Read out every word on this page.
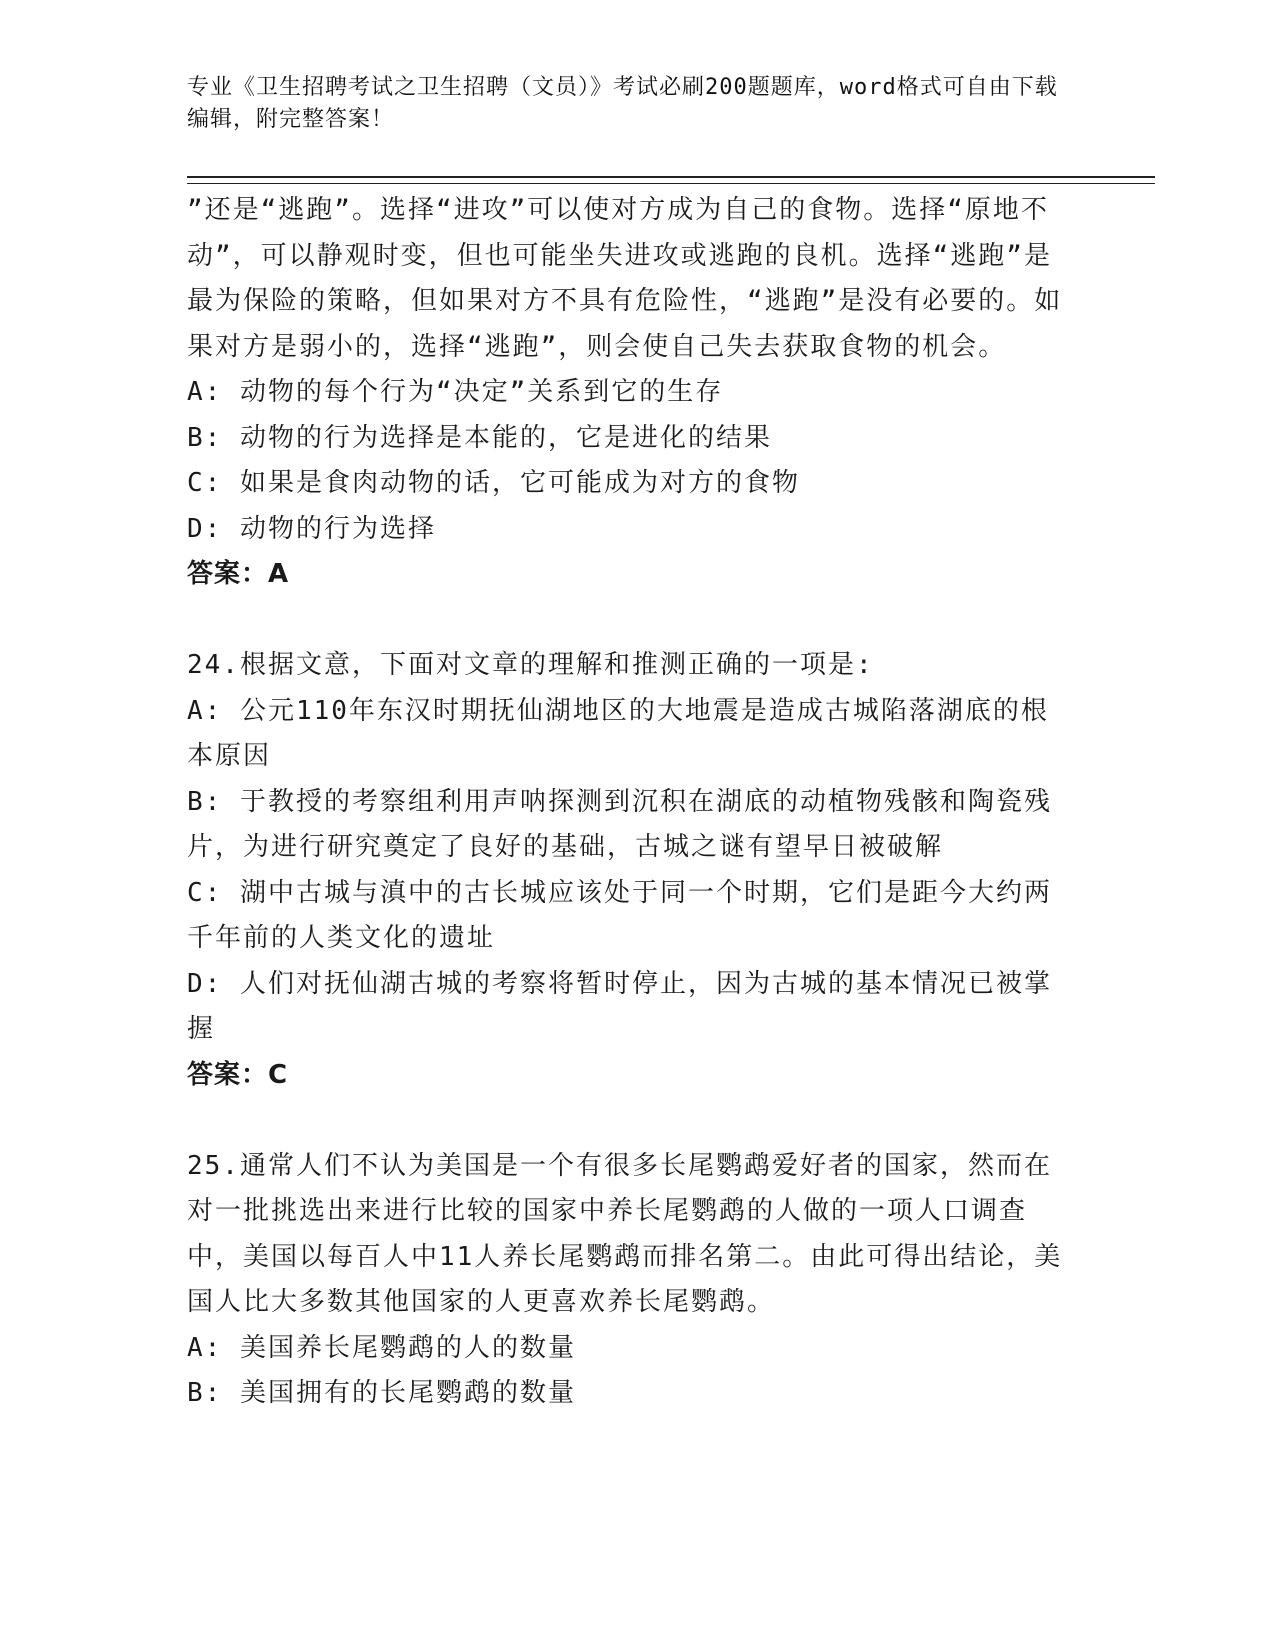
专业《卫生招聘考试之卫生招聘（文员）》考试必刷200题题库，word格式可自由下载编辑，附完整答案！

”还是“逃跑”。选择“进攻”可以使对方成为自己的食物。选择“原地不动”，可以静观时变，但也可能坐失进攻或逃跑的良机。选择“逃跑”是最为保险的策略，但如果对方不具有危险性，“逃跑”是没有必要的。如果对方是弱小的，选择“逃跑”，则会使自己失去获取食物的机会。

A: 动物的每个行为“决定”关系到它的生存

B: 动物的行为选择是本能的，它是进化的结果

C: 如果是食肉动物的话，它可能成为对方的食物

D: 动物的行为选择

答案：A

24.根据文意，下面对文章的理解和推测正确的一项是:

A: 公元110年东汉时期抚仙湖地区的大地震是造成古城陷落湖底的根本原因

B: 于教授的考察组利用声呐探测到沉积在湖底的动植物残骸和陶瓷残片，为进行研究奠定了良好的基础，古城之谜有望早日被破解

C: 湖中古城与滇中的古长城应该处于同一个时期，它们是距今大约两千年前的人类文化的遗址

D: 人们对抚仙湖古城的考察将暂时停止，因为古城的基本情况已被掌握

答案：C

25.通常人们不认为美国是一个有很多长尾鹦鹉爱好者的国家，然而在对一批挑选出来进行比较的国家中养长尾鹦鹉的人做的一项人口调查中，美国以每百人中11人养长尾鹦鹉而排名第二。由此可得出结论，美国人比大多数其他国家的人更喜欢养长尾鹦鹉。

A: 美国养长尾鹦鹉的人的数量

B: 美国拥有的长尾鹦鹉的数量
